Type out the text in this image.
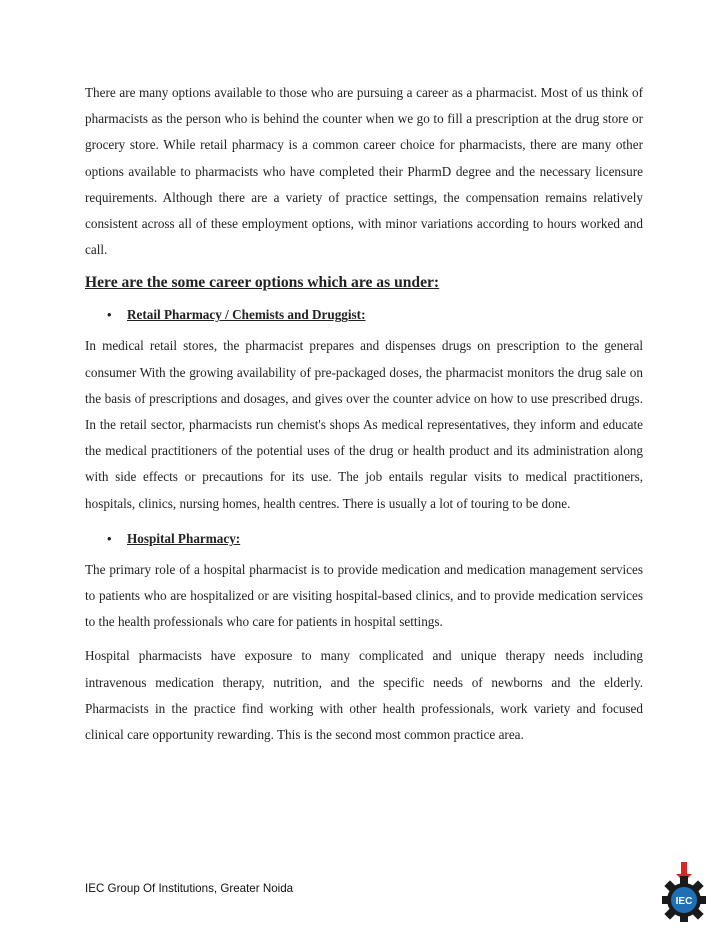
There are many options available to those who are pursuing a career as a pharmacist. Most of us think of pharmacists as the person who is behind the counter when we go to fill a prescription at the drug store or grocery store. While retail pharmacy is a common career choice for pharmacists, there are many other options available to pharmacists who have completed their PharmD degree and the necessary licensure requirements. Although there are a variety of practice settings, the compensation remains relatively consistent across all of these employment options, with minor variations according to hours worked and call.

Here are the some career options which are as under:
• Retail Pharmacy / Chemists and Druggist:

In medical retail stores, the pharmacist prepares and dispenses drugs on prescription to the general consumer With the growing availability of pre-packaged doses, the pharmacist monitors the drug sale on the basis of prescriptions and dosages, and gives over the counter advice on how to use prescribed drugs. In the retail sector, pharmacists run chemist's shops As medical representatives, they inform and educate the medical practitioners of the potential uses of the drug or health product and its administration along with side effects or precautions for its use. The job entails regular visits to medical practitioners, hospitals, clinics, nursing homes, health centres. There is usually a lot of touring to be done.

• Hospital Pharmacy:

The primary role of a hospital pharmacist is to provide medication and medication management services to patients who are hospitalized or are visiting hospital-based clinics, and to provide medication services to the health professionals who care for patients in hospital settings.

Hospital pharmacists have exposure to many complicated and unique therapy needs including intravenous medication therapy, nutrition, and the specific needs of newborns and the elderly. Pharmacists in the practice find working with other health professionals, work variety and focused clinical care opportunity rewarding. This is the second most common practice area.

IEC Group Of Institutions, Greater Noida
IEC
